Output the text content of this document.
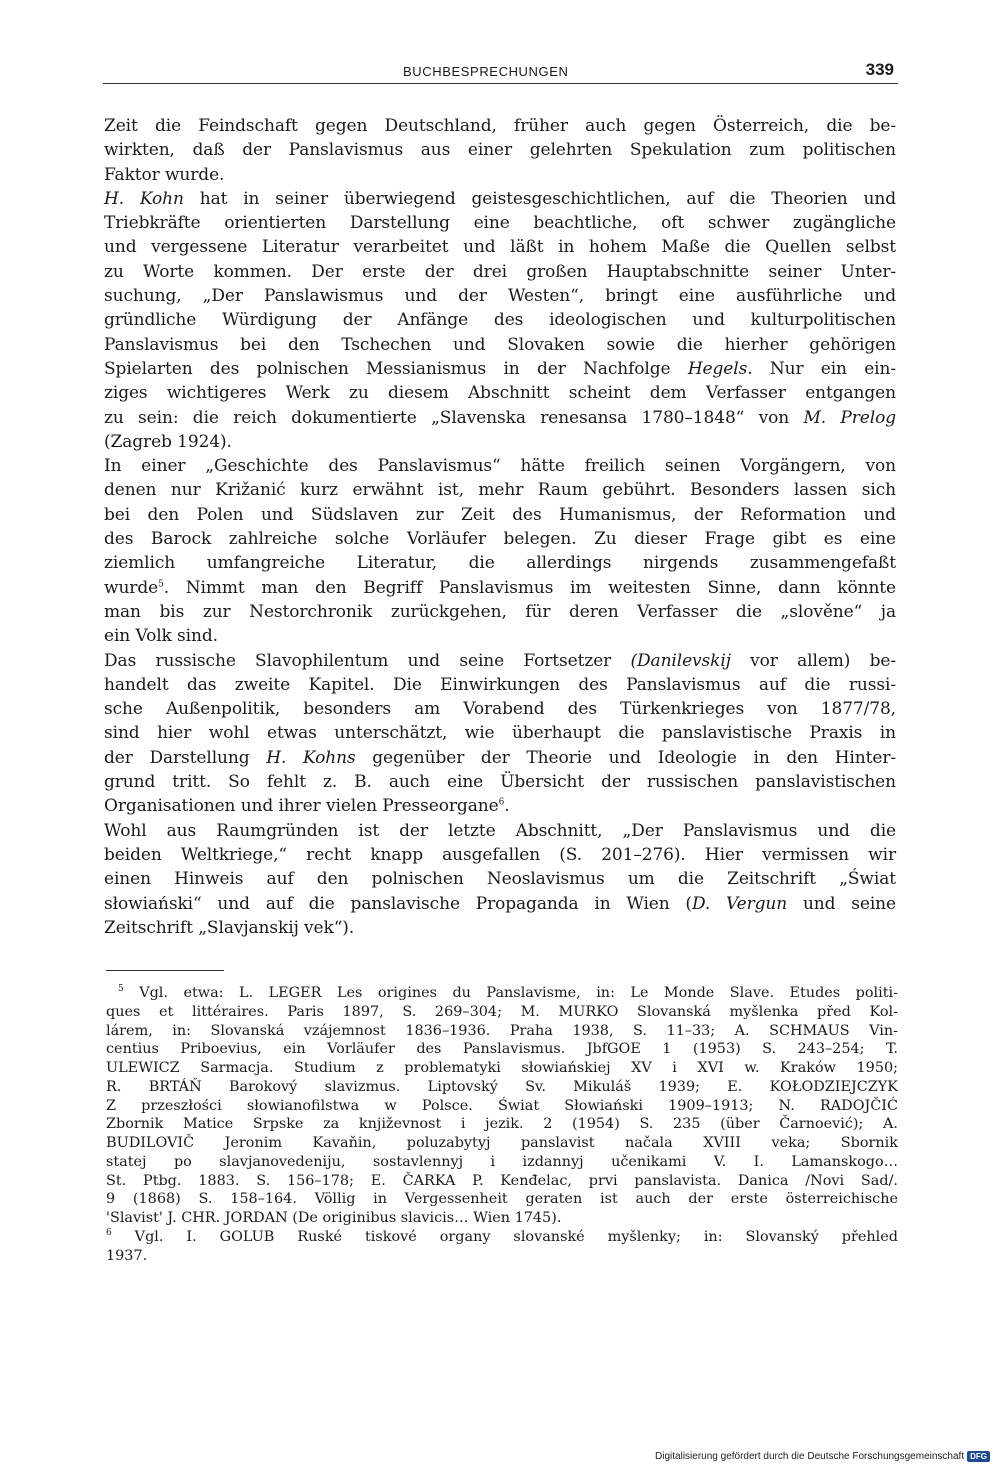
BUCHBESPRECHUNGEN	339
Zeit die Feindschaft gegen Deutschland, früher auch gegen Österreich, die be-
wirkten, daß der Panslavismus aus einer gelehrten Spekulation zum politischen
Faktor wurde.
H. Kohn hat in seiner überwiegend geistesgeschichtlichen, auf die Theorien und
Triebkräfte orientierten Darstellung eine beachtliche, oft schwer zugängliche
und vergessene Literatur verarbeitet und läßt in hohem Maße die Quellen selbst
zu Worte kommen. Der erste der drei großen Hauptabschnitte seiner Unter-
suchung, „Der Panslawismus und der Westen“, bringt eine ausführliche und
gründliche Würdigung der Anfänge des ideologischen und kulturpolitischen
Panslavismus bei den Tschechen und Slovaken sowie die hierher gehörigen
Spielarten des polnischen Messianismus in der Nachfolge Hegels. Nur ein ein-
ziges wichtigeres Werk zu diesem Abschnitt scheint dem Verfasser entgangen
zu sein: die reich dokumentierte „Slavenska renesansa 1780–1848“ von M. Prelog
(Zagreb 1924).
In einer „Geschichte des Panslavismus“ hätte freilich seinen Vorgängern, von
denen nur Križanić kurz erwähnt ist, mehr Raum gebührt. Besonders lassen sich
bei den Polen und Südslaven zur Zeit des Humanismus, der Reformation und
des Barock zahlreiche solche Vorläufer belegen. Zu dieser Frage gibt es eine
ziemlich umfangreiche Literatur, die allerdings nirgends zusammengefaßt
wurde$^5$. Nimmt man den Begriff Panslavismus im weitesten Sinne, dann könnte
man bis zur Nestorchronik zurückgehen, für deren Verfasser die „slověne“ ja
ein Volk sind.
Das russische Slavophilentum und seine Fortsetzer (Danilevskij vor allem) be-
handelt das zweite Kapitel. Die Einwirkungen des Panslavismus auf die russi-
sche Außenpolitik, besonders am Vorabend des Türkenkrieges von 1877/78,
sind hier wohl etwas unterschätzt, wie überhaupt die panslavistische Praxis in
der Darstellung H. Kohns gegenüber der Theorie und Ideologie in den Hinter-
grund tritt. So fehlt z. B. auch eine Übersicht der russischen panslavistischen
Organisationen und ihrer vielen Presseorgane$^6$.
Wohl aus Raumgründen ist der letzte Abschnitt, „Der Panslavismus und die
beiden Weltkriege,“ recht knapp ausgefallen (S. 201–276). Hier vermissen wir
einen Hinweis auf den polnischen Neoslavismus um die Zeitschrift „Świat
słowiański“ und auf die panslavische Propaganda in Wien (D. Vergun und seine
Zeitschrift „Slavjanskij vek“).
$^5$ Vgl. etwa: L. LEGER Les origines du Panslavisme, in: Le Monde Slave. Etudes politi-
ques et littéraires. Paris 1897, S. 269–304; M. MURKO Slovanská myšlenka před Kol-
lárem, in: Slovanská vzájemnost 1836–1936. Praha 1938, S. 11–33; A. SCHMAUS Vin-
centius Priboevius, ein Vorläufer des Panslavismus. JbfGOE 1 (1953) S. 243–254; T.
ULEWICZ Sarmacja. Studium z problematyki słowiańskiej XV i XVI w. Kraków 1950;
R. BRTÁŇ Barokový slavizmus. Liptovský Sv. Mikuláš 1939; E. KOŁODZIEJCZYK
Z przeszłości słowianofilstwa w Polsce. Świat Słowiański 1909–1913; N. RADOJČIĆ
Zbornik Matice Srpske za književnost i jezik. 2 (1954) S. 235 (über Čarnoević); A.
BUDILOVIČ Jeronim Kavaňin, poluzabytyj panslavist načala XVIII veka; Sbornik
statej po slavjanovedeniju, sostavlennyj i izdannyj učenikami V. I. Lamanskogo…
St. Ptbg. 1883. S. 156–178; E. ČARKA P. Kenđelac, prvi panslavista. Danica /Novi Sad/.
9 (1868) S. 158–164. Völlig in Vergessenheit geraten ist auch der erste österreichische
'Slavist' J. CHR. JORDAN (De originibus slavicis… Wien 1745).
$^6$ Vgl. I. GOLUB Ruské tiskové organy slovanské myšlenky; in: Slovanský přehled
1937.
Digitalisierung gefördert durch die Deutsche Forschungsgemeinschaft DFG
